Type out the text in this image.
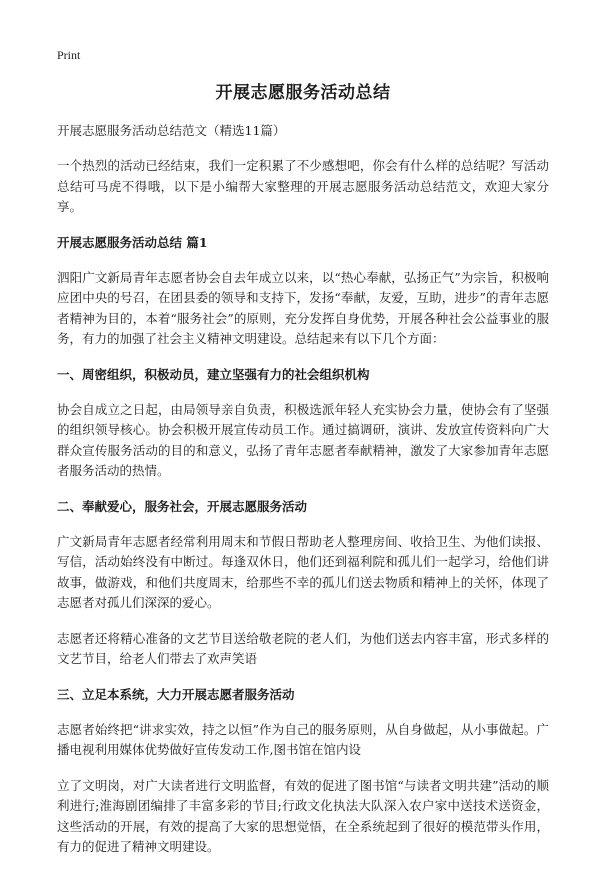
Print
开展志愿服务活动总结
开展志愿服务活动总结范文（精选11篇）

一个热烈的活动已经结束，我们一定积累了不少感想吧，你会有什么样的总结呢？写活动总结可马虎不得哦，以下是小编帮大家整理的开展志愿服务活动总结范文，欢迎大家分享。

开展志愿服务活动总结 篇1

泗阳广文新局青年志愿者协会自去年成立以来，以“热心奉献，弘扬正气”为宗旨，积极响应团中央的号召，在团县委的领导和支持下，发扬“奉献，友爱，互助，进步”的青年志愿者精神为目的，本着“服务社会”的原则，充分发挥自身优势，开展各种社会公益事业的服务，有力的加强了社会主义精神文明建设。总结起来有以下几个方面：

一、周密组织，积极动员，建立坚强有力的社会组织机构

协会自成立之日起，由局领导亲自负责，积极选派年轻人充实协会力量，使协会有了坚强的组织领导核心。协会积极开展宣传动员工作。通过搞调研，演讲、发放宣传资料向广大群众宣传服务活动的目的和意义，弘扬了青年志愿者奉献精神，激发了大家参加青年志愿者服务活动的热情。

二、奉献爱心，服务社会，开展志愿服务活动

广文新局青年志愿者经常利用周末和节假日帮助老人整理房间、收拾卫生、为他们读报、写信，活动始终没有中断过。每逢双休日，他们还到福利院和孤儿们一起学习，给他们讲故事，做游戏，和他们共度周末，给那些不幸的孤儿们送去物质和精神上的关怀，体现了志愿者对孤儿们深深的爱心。

志愿者还将精心准备的文艺节目送给敬老院的老人们，为他们送去内容丰富，形式多样的文艺节目，给老人们带去了欢声笑语

三、立足本系统，大力开展志愿者服务活动

志愿者始终把“讲求实效，持之以恒”作为自己的服务原则，从自身做起，从小事做起。广播电视利用媒体优势做好宣传发动工作,图书馆在馆内设

立了文明岗，对广大读者进行文明监督，有效的促进了图书馆“与读者文明共建”活动的顺利进行;淮海剧团编排了丰富多彩的节目;行政文化执法大队深入农户家中送技术送资金，这些活动的开展，有效的提高了大家的思想觉悟，在全系统起到了很好的模范带头作用，有力的促进了精神文明建设。
